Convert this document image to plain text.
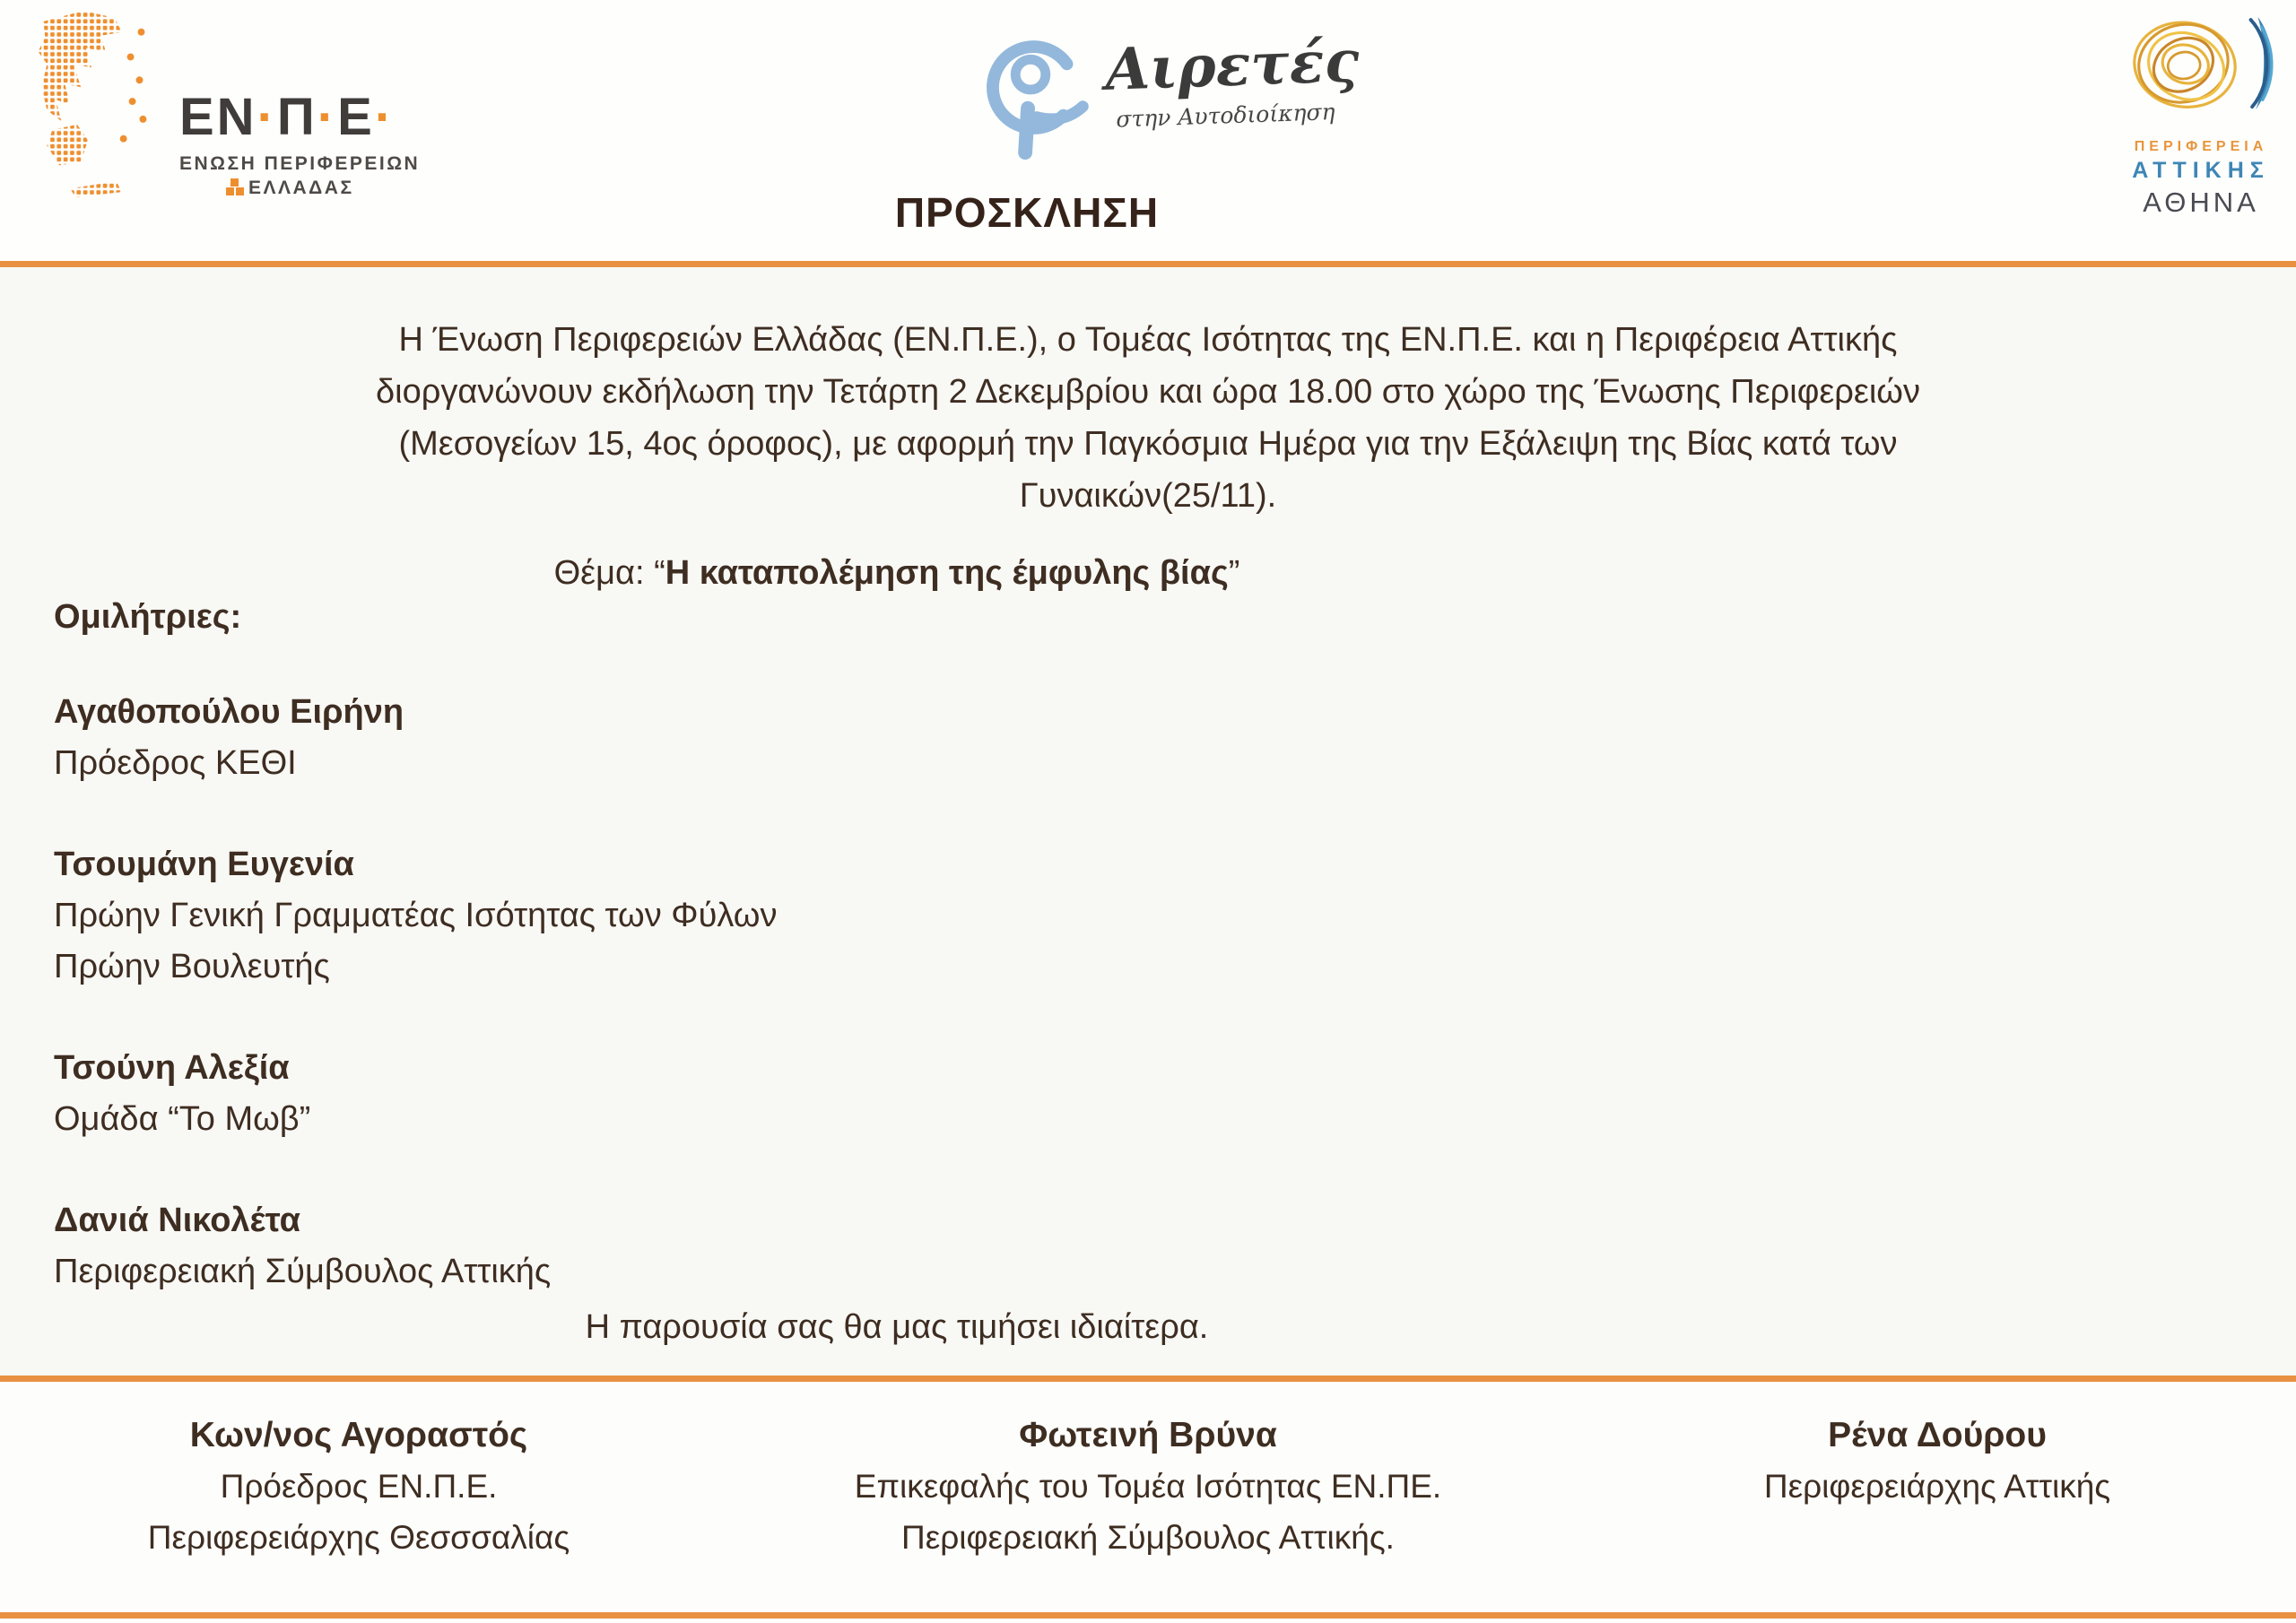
ΕΝ·Π·Ε·
ΕΝΩΣΗ ΠΕΡΙΦΕΡΕΙΩΝ
ΕΛΛΑΔΑΣ
Αιρετές
στην Αυτοδιοίκηση
ΠΕΡΙΦΕΡΕΙΑ
ΑΤΤΙΚΗΣ
ΑΘΗΝΑ
ΠΡΟΣΚΛΗΣΗ
Η Ένωση Περιφερειών Ελλάδας (ΕΝ.Π.Ε.), ο Τομέας Ισότητας της ΕΝ.Π.Ε. και η Περιφέρεια Αττικής
διοργανώνουν εκδήλωση την Τετάρτη 2 Δεκεμβρίου και ώρα 18.00 στο χώρο της Ένωσης Περιφερειών
(Μεσογείων 15, 4ος όροφος), με αφορμή την Παγκόσμια Ημέρα για την Εξάλειψη της Βίας κατά των
Γυναικών(25/11).
Θέμα: “Η καταπολέμηση της έμφυλης βίας”
Ομιλήτριες:
Αγαθοπούλου Ειρήνη
Πρόεδρος ΚΕΘΙ
Τσουμάνη Ευγενία
Πρώην Γενική Γραμματέας Ισότητας των Φύλων
Πρώην Βουλευτής
Τσούνη Αλεξία
Ομάδα “Το Μωβ”
Δανιά Νικολέτα
Περιφερειακή Σύμβουλος Αττικής
Η παρουσία σας θα μας τιμήσει ιδιαίτερα.
Κων/νος Αγοραστός
Πρόεδρος ΕΝ.Π.Ε.
Περιφερειάρχης Θεσσσαλίας
Φωτεινή Βρύνα
Επικεφαλής του Τομέα Ισότητας ΕΝ.ΠΕ.
Περιφερειακή Σύμβουλος Αττικής.
Ρένα Δούρου
Περιφερειάρχης Αττικής
